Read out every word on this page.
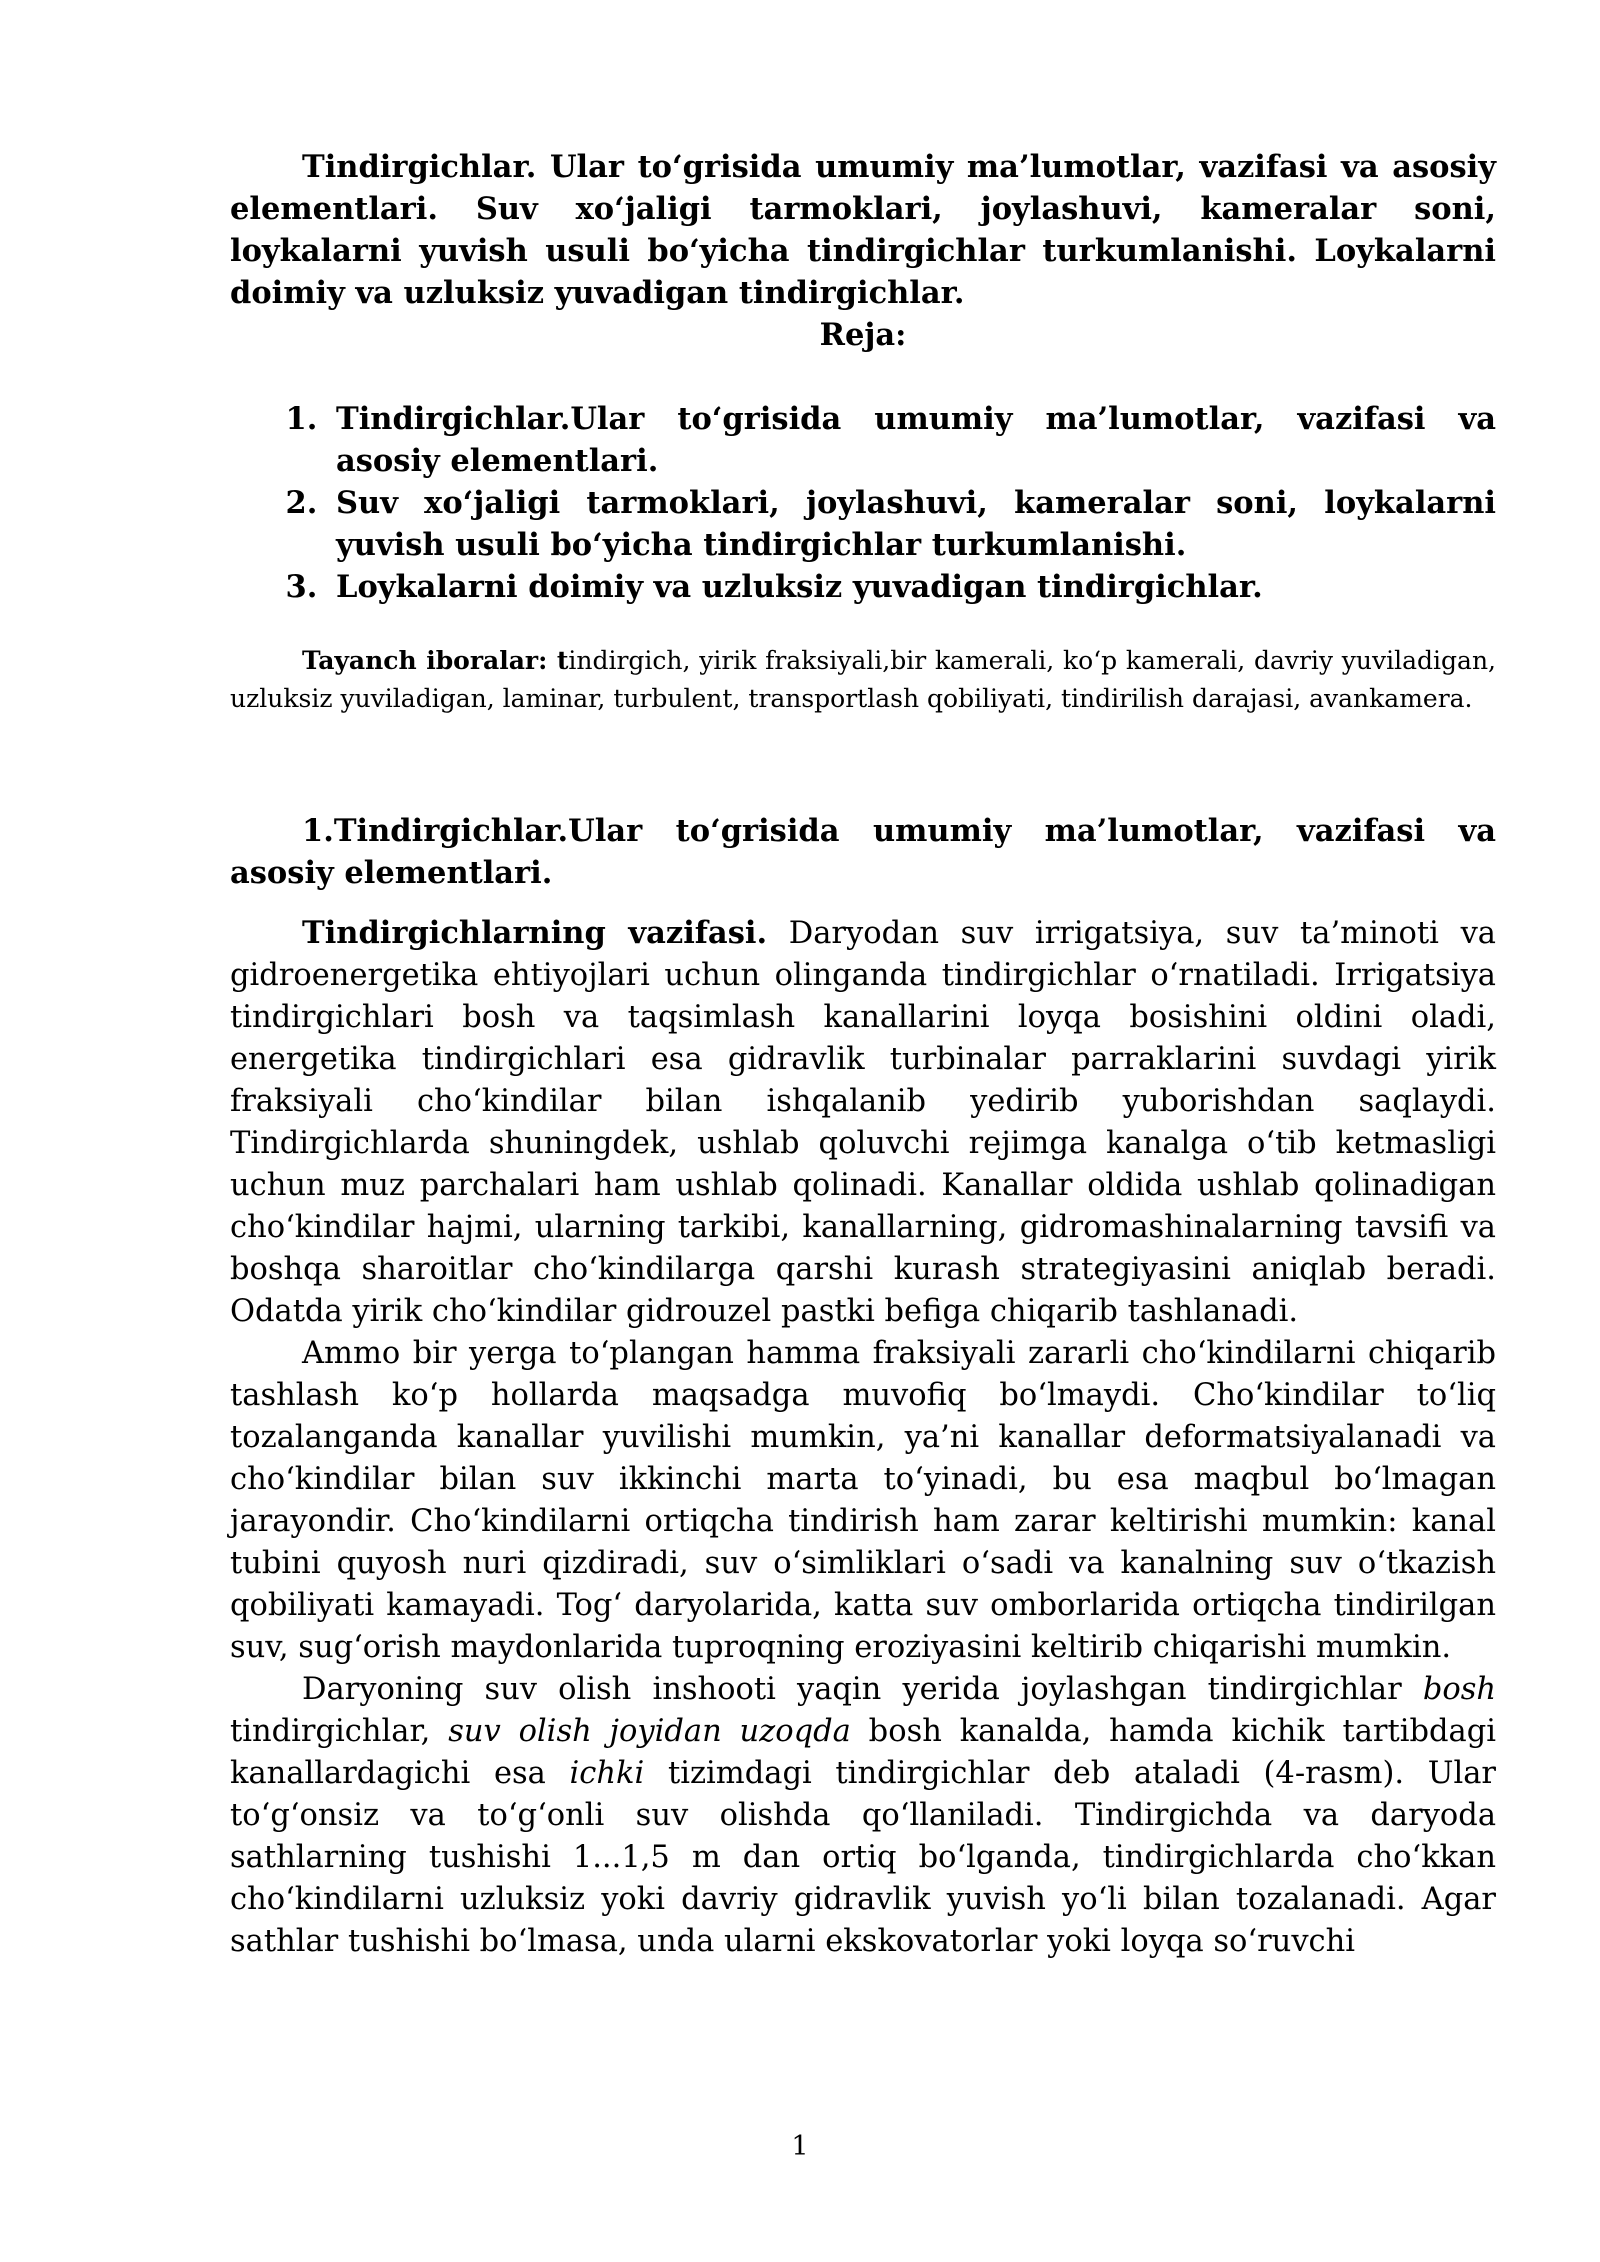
Tindirgichlar. Ular to‘grisida umumiy ma’lumotlar, vazifasi va asosiy elementlari. Suv xo‘jaligi tarmoklari, joylashuvi, kameralar soni, loykalarni yuvish usuli bo‘yicha tindirgichlar turkumlanishi. Loykalarni doimiy va uzluksiz yuvadigan tindirgichlar.

Reja:

1. Tindirgichlar.Ular to‘grisida umumiy ma’lumotlar, vazifasi va asosiy elementlari.
2. Suv xo‘jaligi tarmoklari, joylashuvi, kameralar soni, loykalarni yuvish usuli bo‘yicha tindirgichlar turkumlanishi.
3. Loykalarni doimiy va uzluksiz yuvadigan tindirgichlar.

Tayanch iboralar: tindirgich, yirik fraksiyali,bir kamerali, ko‘p kamerali, davriy yuviladigan, uzluksiz yuviladigan, laminar, turbulent, transportlash qobiliyati, tindirilish darajasi, avankamera.

1.Tindirgichlar.Ular to‘grisida umumiy ma’lumotlar, vazifasi va asosiy elementlari.

Tindirgichlarning vazifasi. Daryodan suv irrigatsiya, suv ta’minoti va gidroenergetika ehtiyojlari uchun olinganda tindirgichlar o‘rnatiladi. Irrigatsiya tindirgichlari bosh va taqsimlash kanallarini loyqa bosishini oldini oladi, energetika tindirgichlari esa gidravlik turbinalar parraklarini suvdagi yirik fraksiyali cho‘kindilar bilan ishqalanib yedirib yuborishdan saqlaydi. Tindirgichlarda shuningdek, ushlab qoluvchi rejimga kanalga o‘tib ketmasligi uchun muz parchalari ham ushlab qolinadi. Kanallar oldida ushlab qolinadigan cho‘kindilar hajmi, ularning tarkibi, kanallarning, gidromashinalarning tavsifi va boshqa sharoitlar cho‘kindilarga qarshi kurash strategiyasini aniqlab beradi. Odatda yirik cho‘kindilar gidrouzel pastki befiga chiqarib tashlanadi.

Ammo bir yerga to‘plangan hamma fraksiyali zararli cho‘kindilarni chiqarib tashlash ko‘p hollarda maqsadga muvofiq bo‘lmaydi. Cho‘kindilar to‘liq tozalanganda kanallar yuvilishi mumkin, ya’ni kanallar deformatsiyalanadi va cho‘kindilar bilan suv ikkinchi marta to‘yinadi, bu esa maqbul bo‘lmagan jarayondir. Cho‘kindilarni ortiqcha tindirish ham zarar keltirishi mumkin: kanal tubini quyosh nuri qizdiradi, suv o‘simliklari o‘sadi va kanalning suv o‘tkazish qobiliyati kamayadi. Tog‘ daryolarida, katta suv omborlarida ortiqcha tindirilgan suv, sug‘orish maydonlarida tuproqning eroziyasini keltirib chiqarishi mumkin.

Daryoning suv olish inshooti yaqin yerida joylashgan tindirgichlar bosh tindirgichlar, suv olish joyidan uzoqda bosh kanalda, hamda kichik tartibdagi kanallardagichi esa ichki tizimdagi tindirgichlar deb ataladi (4-rasm). Ular to‘g‘onsiz va to‘g‘onli suv olishda qo‘llaniladi. Tindirgichda va daryoda sathlarning tushishi 1...1,5 m dan ortiq bo‘lganda, tindirgichlarda cho‘kkan cho‘kindilarni uzluksiz yoki davriy gidravlik yuvish yo‘li bilan tozalanadi. Agar sathlar tushishi bo‘lmasa, unda ularni ekskovatorlar yoki loyqa so‘ruvchi

1
